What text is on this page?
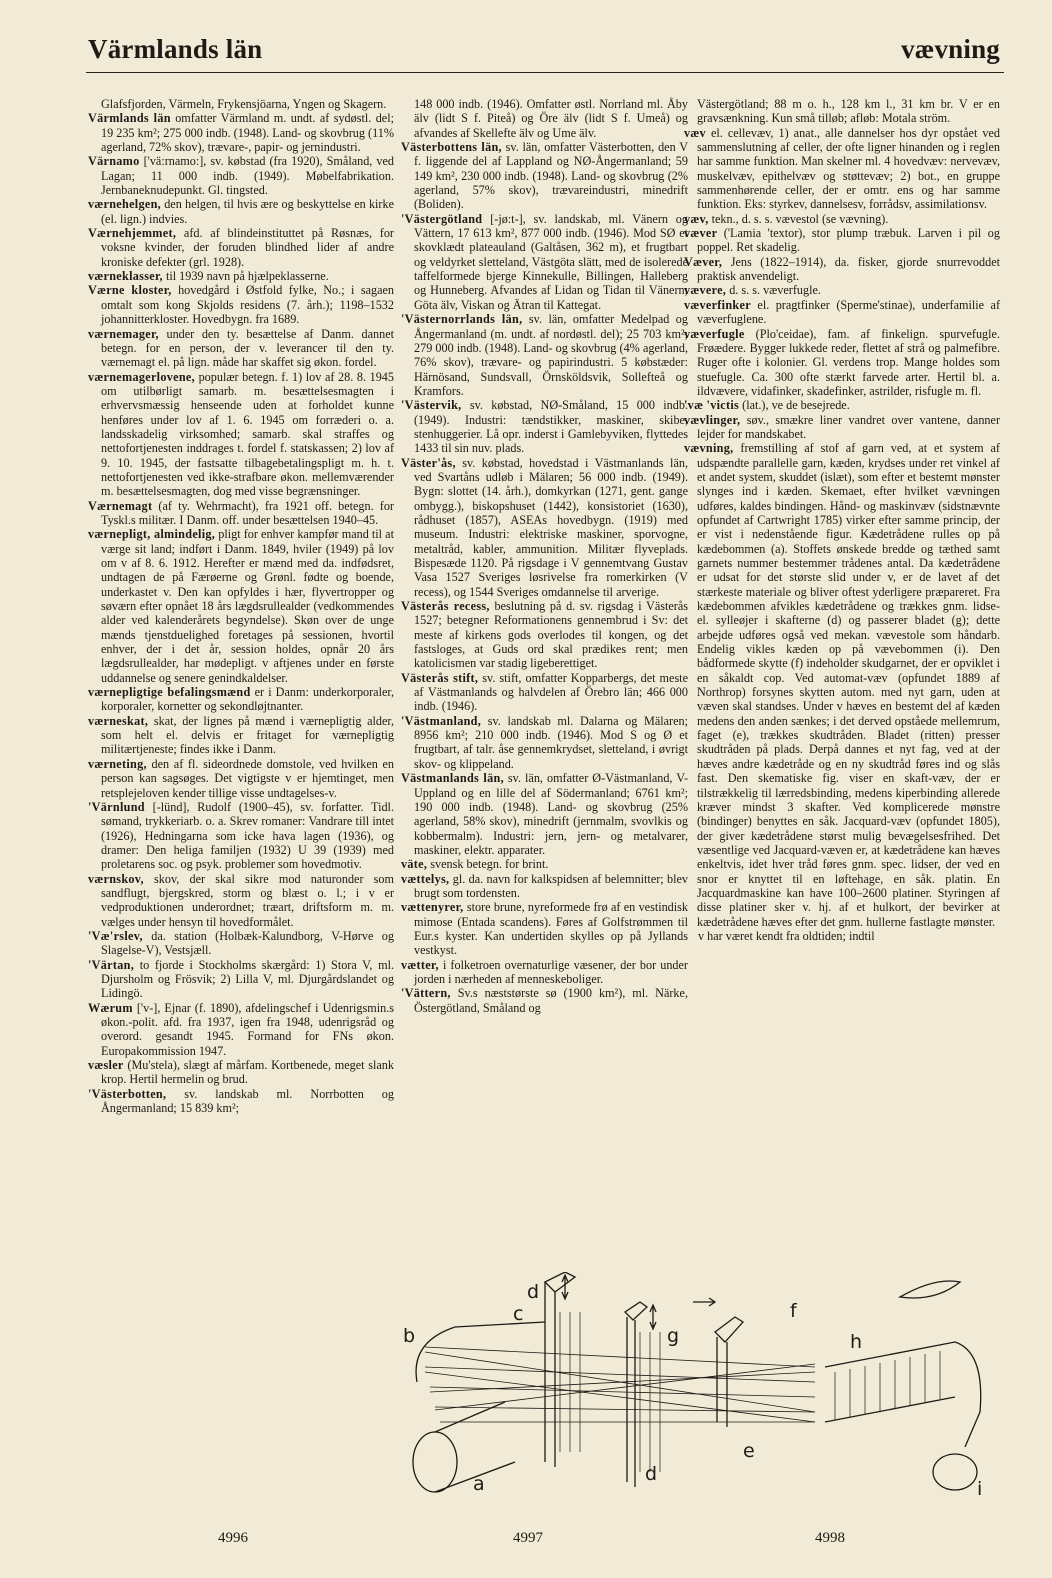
Värmlands län	vævning

Glafsfjorden, Värmeln, Frykensjöarna, Yngen og Skagern.

Värmlands län omfatter Värmland m. undt. af sydøstl. del; 19 235 km²; 275 000 indb. (1948). Land- og skovbrug (11% agerland, 72% skov), trævare-, papir- og jernindustri.

Värnamo ['vä:rnamo:], sv. købstad (fra 1920), Småland, ved Lagan; 11 000 indb. (1949). Møbelfabrikation. Jernbaneknudepunkt. Gl. tingsted.

værnehelgen, den helgen, til hvis ære og beskyttelse en kirke (el. lign.) indvies.

Værnehjemmet, afd. af blindeinstituttet på Røsnæs, for voksne kvinder, der foruden blindhed lider af andre kroniske defekter (grl. 1928).

værneklasser, til 1939 navn på hjælpeklasserne.

Værne kloster, hovedgård i Østfold fylke, No.; i sagaen omtalt som kong Skjolds residens (7. årh.); 1198–1532 johannitterkloster. Hovedbygn. fra 1689.

værnemager, under den ty. besættelse af Danm. dannet betegn. for en person, der v. leverancer til den ty. værnemagt el. på lign. måde har skaffet sig økon. fordel.

værnemagerlovene, populær betegn. f. 1) lov af 28. 8. 1945 om utilbørligt samarb. m. besættelsesmagten i erhvervsmæssig henseende uden at forholdet kunne henføres under lov af 1. 6. 1945 om forræderi o. a. landsskadelig virksomhed; samarb. skal straffes og nettofortjenesten inddrages t. fordel f. statskassen; 2) lov af 9. 10. 1945, der fastsatte tilbagebetalingspligt m. h. t. nettofortjenesten ved ikke-strafbare økon. mellemværender m. besættelsesmagten, dog med visse begrænsninger.

Værnemagt (af ty. Wehrmacht), fra 1921 off. betegn. for Tyskl.s militær. I Danm. off. under besættelsen 1940–45.

værnepligt, almindelig, pligt for enhver kampfør mand til at værge sit land; indført i Danm. 1849, hviler (1949) på lov om v af 8. 6. 1912. Herefter er mænd med da. indfødsret, undtagen de på Færøerne og Grønl. fødte og boende, underkastet v. Den kan opfyldes i hær, flyvertropper og søværn efter opnået 18 års lægdsrullealder (vedkommendes alder ved kalenderårets begyndelse). Skøn over de unge mænds tjenstduelighed foretages på sessionen, hvortil enhver, der i det år, session holdes, opnår 20 års lægdsrullealder, har mødepligt. v aftjenes under en første uddannelse og senere genindkaldelser.

værnepligtige befalingsmænd er i Danm: underkorporaler, korporaler, kornetter og sekondløjtnanter.

værneskat, skat, der lignes på mænd i værnepligtig alder, som helt el. delvis er fritaget for værnepligtig militærtjeneste; findes ikke i Danm.

værneting, den af fl. sideordnede domstole, ved hvilken en person kan sagsøges. Det vigtigste v er hjemtinget, men retsplejeloven kender tillige visse undtagelses-v.

'Värnlund [-lünd], Rudolf (1900–45), sv. forfatter. Tidl. sømand, trykkeriarb. o. a. Skrev romaner: Vandrare till intet (1926), Hedningarna som icke hava lagen (1936), og dramer: Den heliga familjen (1932) U 39 (1939) med proletarens soc. og psyk. problemer som hovedmotiv.

værnskov, skov, der skal sikre mod naturonder som sandflugt, bjergskred, storm og blæst o. l.; i v er vedproduktionen underordnet; træart, driftsform m. m. vælges under hensyn til hovedformålet.

'Væ'rslev, da. station (Holbæk-Kalundborg, V-Hørve og Slagelse-V), Vestsjæll.

'Värtan, to fjorde i Stockholms skærgård: 1) Stora V, ml. Djursholm og Frösvik; 2) Lilla V, ml. Djurgårdslandet og Lidingö.

Wærum ['v-], Ejnar (f. 1890), afdelingschef i Udenrigsmin.s økon.-polit. afd. fra 1937, igen fra 1948, udenrigsråd og overord. gesandt 1945. Formand for FNs økon. Europakommission 1947.

væsler (Mu'stela), slægt af mårfam. Kortbenede, meget slank krop. Hertil hermelin og brud.

'Västerbotten, sv. landskab ml. Norrbotten og Ångermanland; 15 839 km²;

148 000 indb. (1946). Omfatter østl. Norrland ml. Åby älv (lidt S f. Piteå) og Öre älv (lidt S f. Umeå) og afvandes af Skellefte älv og Ume älv.

Västerbottens län, sv. län, omfatter Västerbotten, den V f. liggende del af Lappland og NØ-Ångermanland; 59 149 km², 230 000 indb. (1948). Land- og skovbrug (2% agerland, 57% skov), trævareindustri, minedrift (Boliden).

'Västergötland [-jø:t-], sv. landskab, ml. Vänern og Vättern, 17 613 km², 877 000 indb. (1946). Mod SØ et skovklædt plateauland (Galtåsen, 362 m), et frugtbart og veldyrket sletteland, Västgöta slätt, med de isolerede taffelformede bjerge Kinnekulle, Billingen, Halleberg og Hunneberg. Afvandes af Lidan og Tidan til Vänern; Göta älv, Viskan og Ätran til Kattegat.

'Västernorrlands län, sv. län, omfatter Medelpad og Ångermanland (m. undt. af nordøstl. del); 25 703 km²; 279 000 indb. (1948). Land- og skovbrug (4% agerland, 76% skov), trævare- og papirindustri. 5 købstæder: Härnösand, Sundsvall, Örnsköldsvik, Sollefteå og Kramfors.

'Västervik, sv. købstad, NØ-Småland, 15 000 indb. (1949). Industri: tændstikker, maskiner, skibe, stenhuggerier. Lå opr. inderst i Gamlebyviken, flyttedes 1433 til sin nuv. plads.

Väster'ås, sv. købstad, hovedstad i Västmanlands län, ved Svartåns udløb i Mälaren; 56 000 indb. (1949). Bygn: slottet (14. årh.), domkyrkan (1271, gent. gange ombygg.), biskopshuset (1442), konsistoriet (1630), rådhuset (1857), ASEAs hovedbygn. (1919) med museum. Industri: elektriske maskiner, sporvogne, metaltråd, kabler, ammunition. Militær flyveplads. Bispesæde 1120. På rigsdage i V gennemtvang Gustav Vasa 1527 Sveriges løsrivelse fra romerkirken (V recess), og 1544 Sveriges omdannelse til arverige.

Västerås recess, beslutning på d. sv. rigsdag i Västerås 1527; betegner Reformationens gennembrud i Sv: det meste af kirkens gods overlodes til kongen, og det fastsloges, at Guds ord skal prædikes rent; men katolicismen var stadig ligeberettiget.

Västerås stift, sv. stift, omfatter Kopparbergs, det meste af Västmanlands og halvdelen af Örebro län; 466 000 indb. (1946).

'Västmanland, sv. landskab ml. Dalarna og Mälaren; 8956 km²; 210 000 indb. (1946). Mod S og Ø et frugtbart, af talr. åse gennemkrydset, sletteland, i øvrigt skov- og klippeland.

Västmanlands län, sv. län, omfatter Ø-Västmanland, V-Uppland og en lille del af Södermanland; 6761 km²; 190 000 indb. (1948). Land- og skovbrug (25% agerland, 58% skov), minedrift (jernmalm, svovlkis og kobbermalm). Industri: jern, jern- og metalvarer, maskiner, elektr. apparater.

väte, svensk betegn. for brint.

vættelys, gl. da. navn for kalkspidsen af belemnitter; blev brugt som tordensten.

vættenyrer, store brune, nyreformede frø af en vestindisk mimose (Entada scandens). Føres af Golfstrømmen til Eur.s kyster. Kan undertiden skylles op på Jyllands vestkyst.

vætter, i folketroen overnaturlige væsener, der bor under jorden i nærheden af menneskeboliger.

'Vättern, Sv.s næststørste sø (1900 km²), ml. Närke, Östergötland, Småland og

Västergötland; 88 m o. h., 128 km l., 31 km br. V er en gravsænkning. Kun små tilløb; afløb: Motala ström.

væv el. cellevæv, 1) anat., alle dannelser hos dyr opstået ved sammenslutning af celler, der ofte ligner hinanden og i reglen har samme funktion. Man skelner ml. 4 hovedvæv: nervevæv, muskelvæv, epithelvæv og støttevæv; 2) bot., en gruppe sammenhørende celler, der er omtr. ens og har samme funktion. Eks: styrkev, dannelsesv, forrådsv, assimilationsv.

væv, tekn., d. s. s. vævestol (se vævning).

væver ('Lamia 'textor), stor plump træbuk. Larven i pil og poppel. Ret skadelig.

Væver, Jens (1822–1914), da. fisker, gjorde snurrevoddet praktisk anvendeligt.

vævere, d. s. s. væverfugle.

væverfinker el. pragtfinker (Sperme'stinae), underfamilie af væverfuglene.

væverfugle (Plo'ceidae), fam. af finkelign. spurvefugle. Frøædere. Bygger lukkede reder, flettet af strå og palmefibre. Ruger ofte i kolonier. Gl. verdens trop. Mange holdes som stuefugle. Ca. 300 ofte stærkt farvede arter. Hertil bl. a. ildvævere, vidafinker, skadefinker, astrilder, risfugle m. fl.

'væ 'victis (lat.), ve de besejrede.

vævlinger, søv., smækre liner vandret over vantene, danner lejder for mandskabet.

vævning, fremstilling af stof af garn ved, at et system af udspændte parallelle garn, kæden, krydses under ret vinkel af et andet system, skuddet (islæt), som efter et bestemt mønster slynges ind i kæden. Skemaet, efter hvilket vævningen udføres, kaldes bindingen. Hånd- og maskinvæv (sidstnævnte opfundet af Cartwright 1785) virker efter samme princip, der er vist i nedenstående figur. Kædetrådene rulles op på kædebommen (a). Stoffets ønskede bredde og tæthed samt garnets nummer bestemmer trådenes antal. Da kædetrådene er udsat for det største slid under v, er de lavet af det stærkeste materiale og bliver oftest yderligere præpareret. Fra kædebommen afvikles kædetrådene og trækkes gnm. lidse- el. sylleøjer i skafterne (d) og passerer bladet (g); dette arbejde udføres også ved mekan. vævestole som håndarb. Endelig vikles kæden op på vævebommen (i). Den bådformede skytte (f) indeholder skudgarnet, der er opviklet i en såkaldt cop. Ved automat-væv (opfundet 1889 af Northrop) forsynes skytten autom. med nyt garn, uden at væven skal standses. Under v hæves en bestemt del af kæden medens den anden sænkes; i det derved opståede mellemrum, faget (e), trækkes skudtråden. Bladet (ritten) presser skudtråden på plads. Derpå dannes et nyt fag, ved at der hæves andre kædetråde og en ny skudtråd føres ind og slås fast. Den skematiske fig. viser en skaft-væv, der er tilstrækkelig til lærredsbinding, medens kiperbinding allerede kræver mindst 3 skafter. Ved komplicerede mønstre (bindinger) benyttes en såk. Jacquard-væv (opfundet 1805), der giver kædetrådene størst mulig bevægelsesfrihed. Det væsentlige ved Jacquard-væven er, at kædetrådene kan hæves enkeltvis, idet hver tråd føres gnm. spec. lidser, der ved en snor er knyttet til en løftehage, en såk. platin. En Jacquardmaskine kan have 100–2600 platiner. Styringen af disse platiner sker v. hj. af et hulkort, der bevirker at kædetrådene hæves efter det gnm. hullerne fastlagte mønster.

v har været kendt fra oldtiden; indtil

a
b
c
d
d
e
f
g	h
i
4996	4997	4998
